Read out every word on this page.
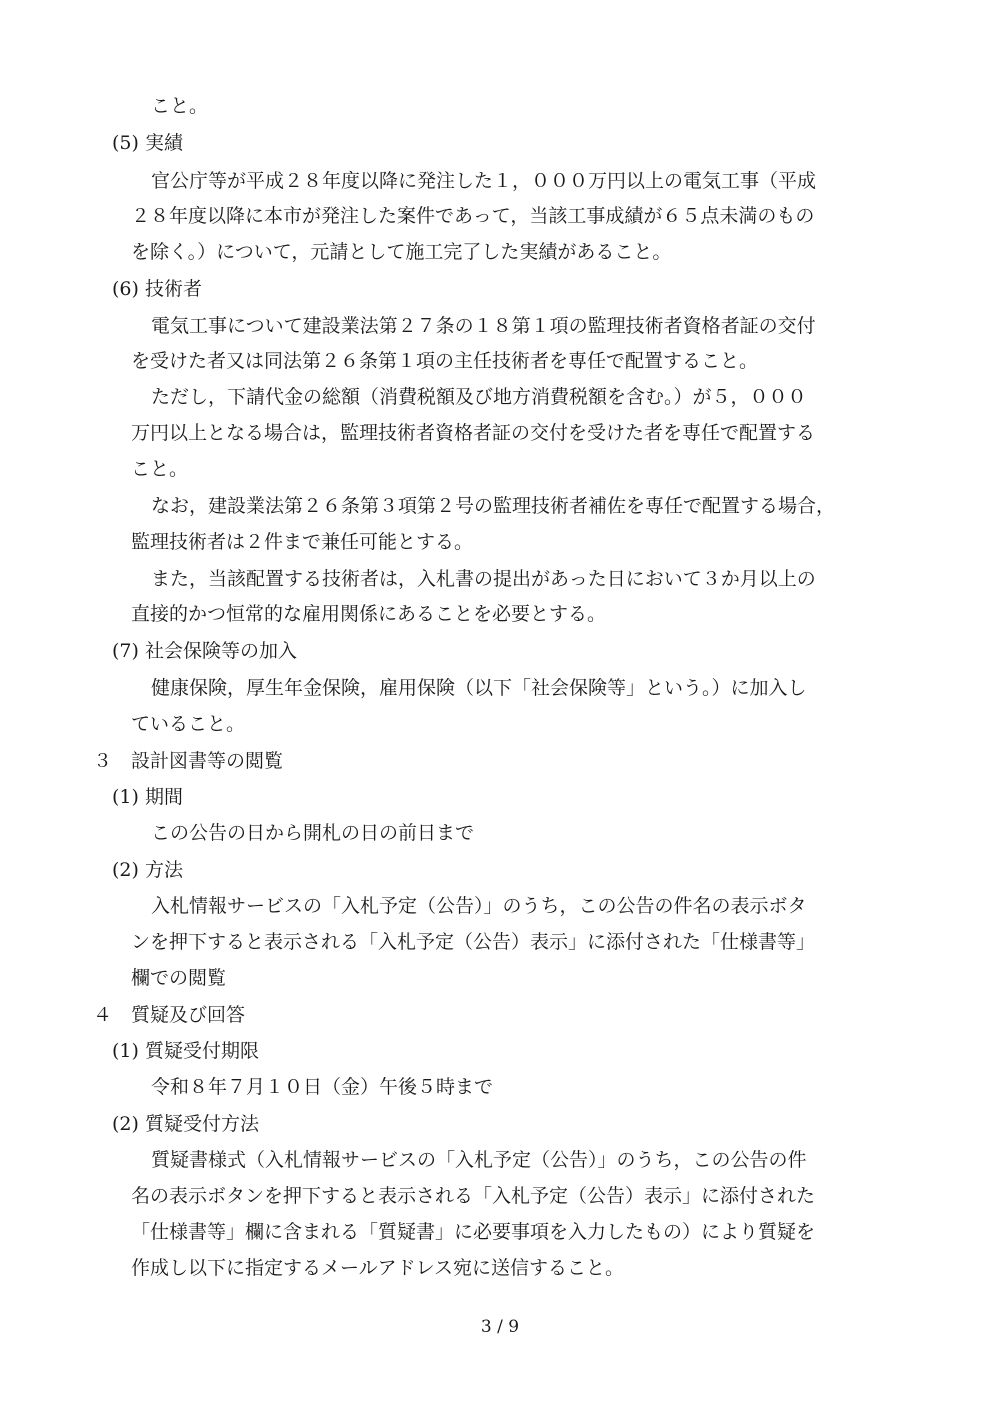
こと。
(5) 実績
官公庁等が平成２８年度以降に発注した１，０００万円以上の電気工事（平成
２８年度以降に本市が発注した案件であって，当該工事成績が６５点未満のもの
を除く。）について，元請として施工完了した実績があること。
(6) 技術者
電気工事について建設業法第２７条の１８第１項の監理技術者資格者証の交付
を受けた者又は同法第２６条第１項の主任技術者を専任で配置すること。
ただし，下請代金の総額（消費税額及び地方消費税額を含む。）が５，０００
万円以上となる場合は，監理技術者資格者証の交付を受けた者を専任で配置する
こと。
なお，建設業法第２６条第３項第２号の監理技術者補佐を専任で配置する場合，
監理技術者は２件まで兼任可能とする。
また，当該配置する技術者は，入札書の提出があった日において３か月以上の
直接的かつ恒常的な雇用関係にあることを必要とする。
(7) 社会保険等の加入
健康保険，厚生年金保険，雇用保険（以下「社会保険等」という。）に加入し
ていること。
３　設計図書等の閲覧
(1) 期間
この公告の日から開札の日の前日まで
(2) 方法
入札情報サービスの「入札予定（公告）」のうち，この公告の件名の表示ボタ
ンを押下すると表示される「入札予定（公告）表示」に添付された「仕様書等」
欄での閲覧
４　質疑及び回答
(1) 質疑受付期限
令和８年７月１０日（金）午後５時まで
(2) 質疑受付方法
質疑書様式（入札情報サービスの「入札予定（公告）」のうち，この公告の件
名の表示ボタンを押下すると表示される「入札予定（公告）表示」に添付された
「仕様書等」欄に含まれる「質疑書」に必要事項を入力したもの）により質疑を
作成し以下に指定するメールアドレス宛に送信すること。
3 / 9
